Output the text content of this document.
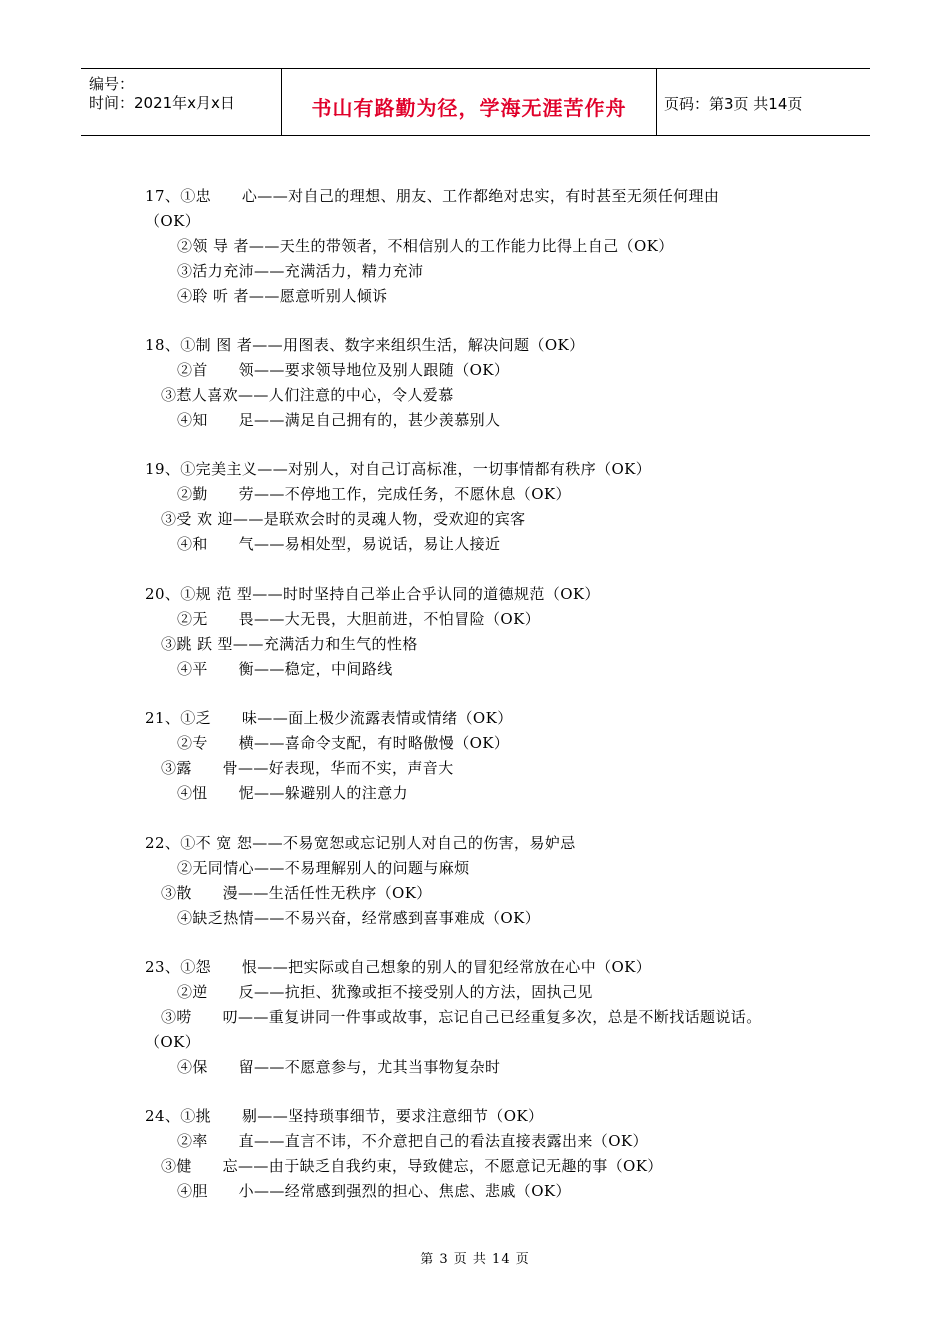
编号：
时间：2021年x月x日	书山有路勤为径，学海无涯苦作舟	页码：第3页 共14页
17、①忠　　心——对自己的理想、朋友、工作都绝对忠实，有时甚至无须任何理由
（OK）
②领 导 者——天生的带领者，不相信别人的工作能力比得上自己（OK）
③活力充沛——充满活力，精力充沛
④聆 听 者——愿意听别人倾诉
18、①制 图 者——用图表、数字来组织生活，解决问题（OK）
②首　　领——要求领导地位及别人跟随（OK）
③惹人喜欢——人们注意的中心，令人爱慕
④知　　足——满足自己拥有的，甚少羡慕别人
19、①完美主义——对别人，对自己订高标准，一切事情都有秩序（OK）
②勤　　劳——不停地工作，完成任务，不愿休息（OK）
③受 欢 迎——是联欢会时的灵魂人物，受欢迎的宾客
④和　　气——易相处型，易说话，易让人接近
20、①规 范 型——时时坚持自己举止合乎认同的道德规范（OK）
②无　　畏——大无畏，大胆前进，不怕冒险（OK）
③跳 跃 型——充满活力和生气的性格
④平　　衡——稳定，中间路线
21、①乏　　味——面上极少流露表情或情绪（OK）
②专　　横——喜命令支配，有时略傲慢（OK）
③露　　骨——好表现，华而不实，声音大
④忸　　怩——躲避别人的注意力
22、①不 宽 恕——不易宽恕或忘记别人对自己的伤害，易妒忌
②无同情心——不易理解别人的问题与麻烦
③散　　漫——生活任性无秩序（OK）
④缺乏热情——不易兴奋，经常感到喜事难成（OK）
23、①怨　　恨——把实际或自己想象的别人的冒犯经常放在心中（OK）
②逆　　反——抗拒、犹豫或拒不接受别人的方法，固执己见
③唠　　叨——重复讲同一件事或故事，忘记自己已经重复多次，总是不断找话题说话。
（OK）
④保　　留——不愿意参与，尤其当事物复杂时
24、①挑　　剔——坚持琐事细节，要求注意细节（OK）
②率　　直——直言不讳，不介意把自己的看法直接表露出来（OK）
③健　　忘——由于缺乏自我约束，导致健忘，不愿意记无趣的事（OK）
④胆　　小——经常感到强烈的担心、焦虑、悲戚（OK）
第 3 页 共 14 页
